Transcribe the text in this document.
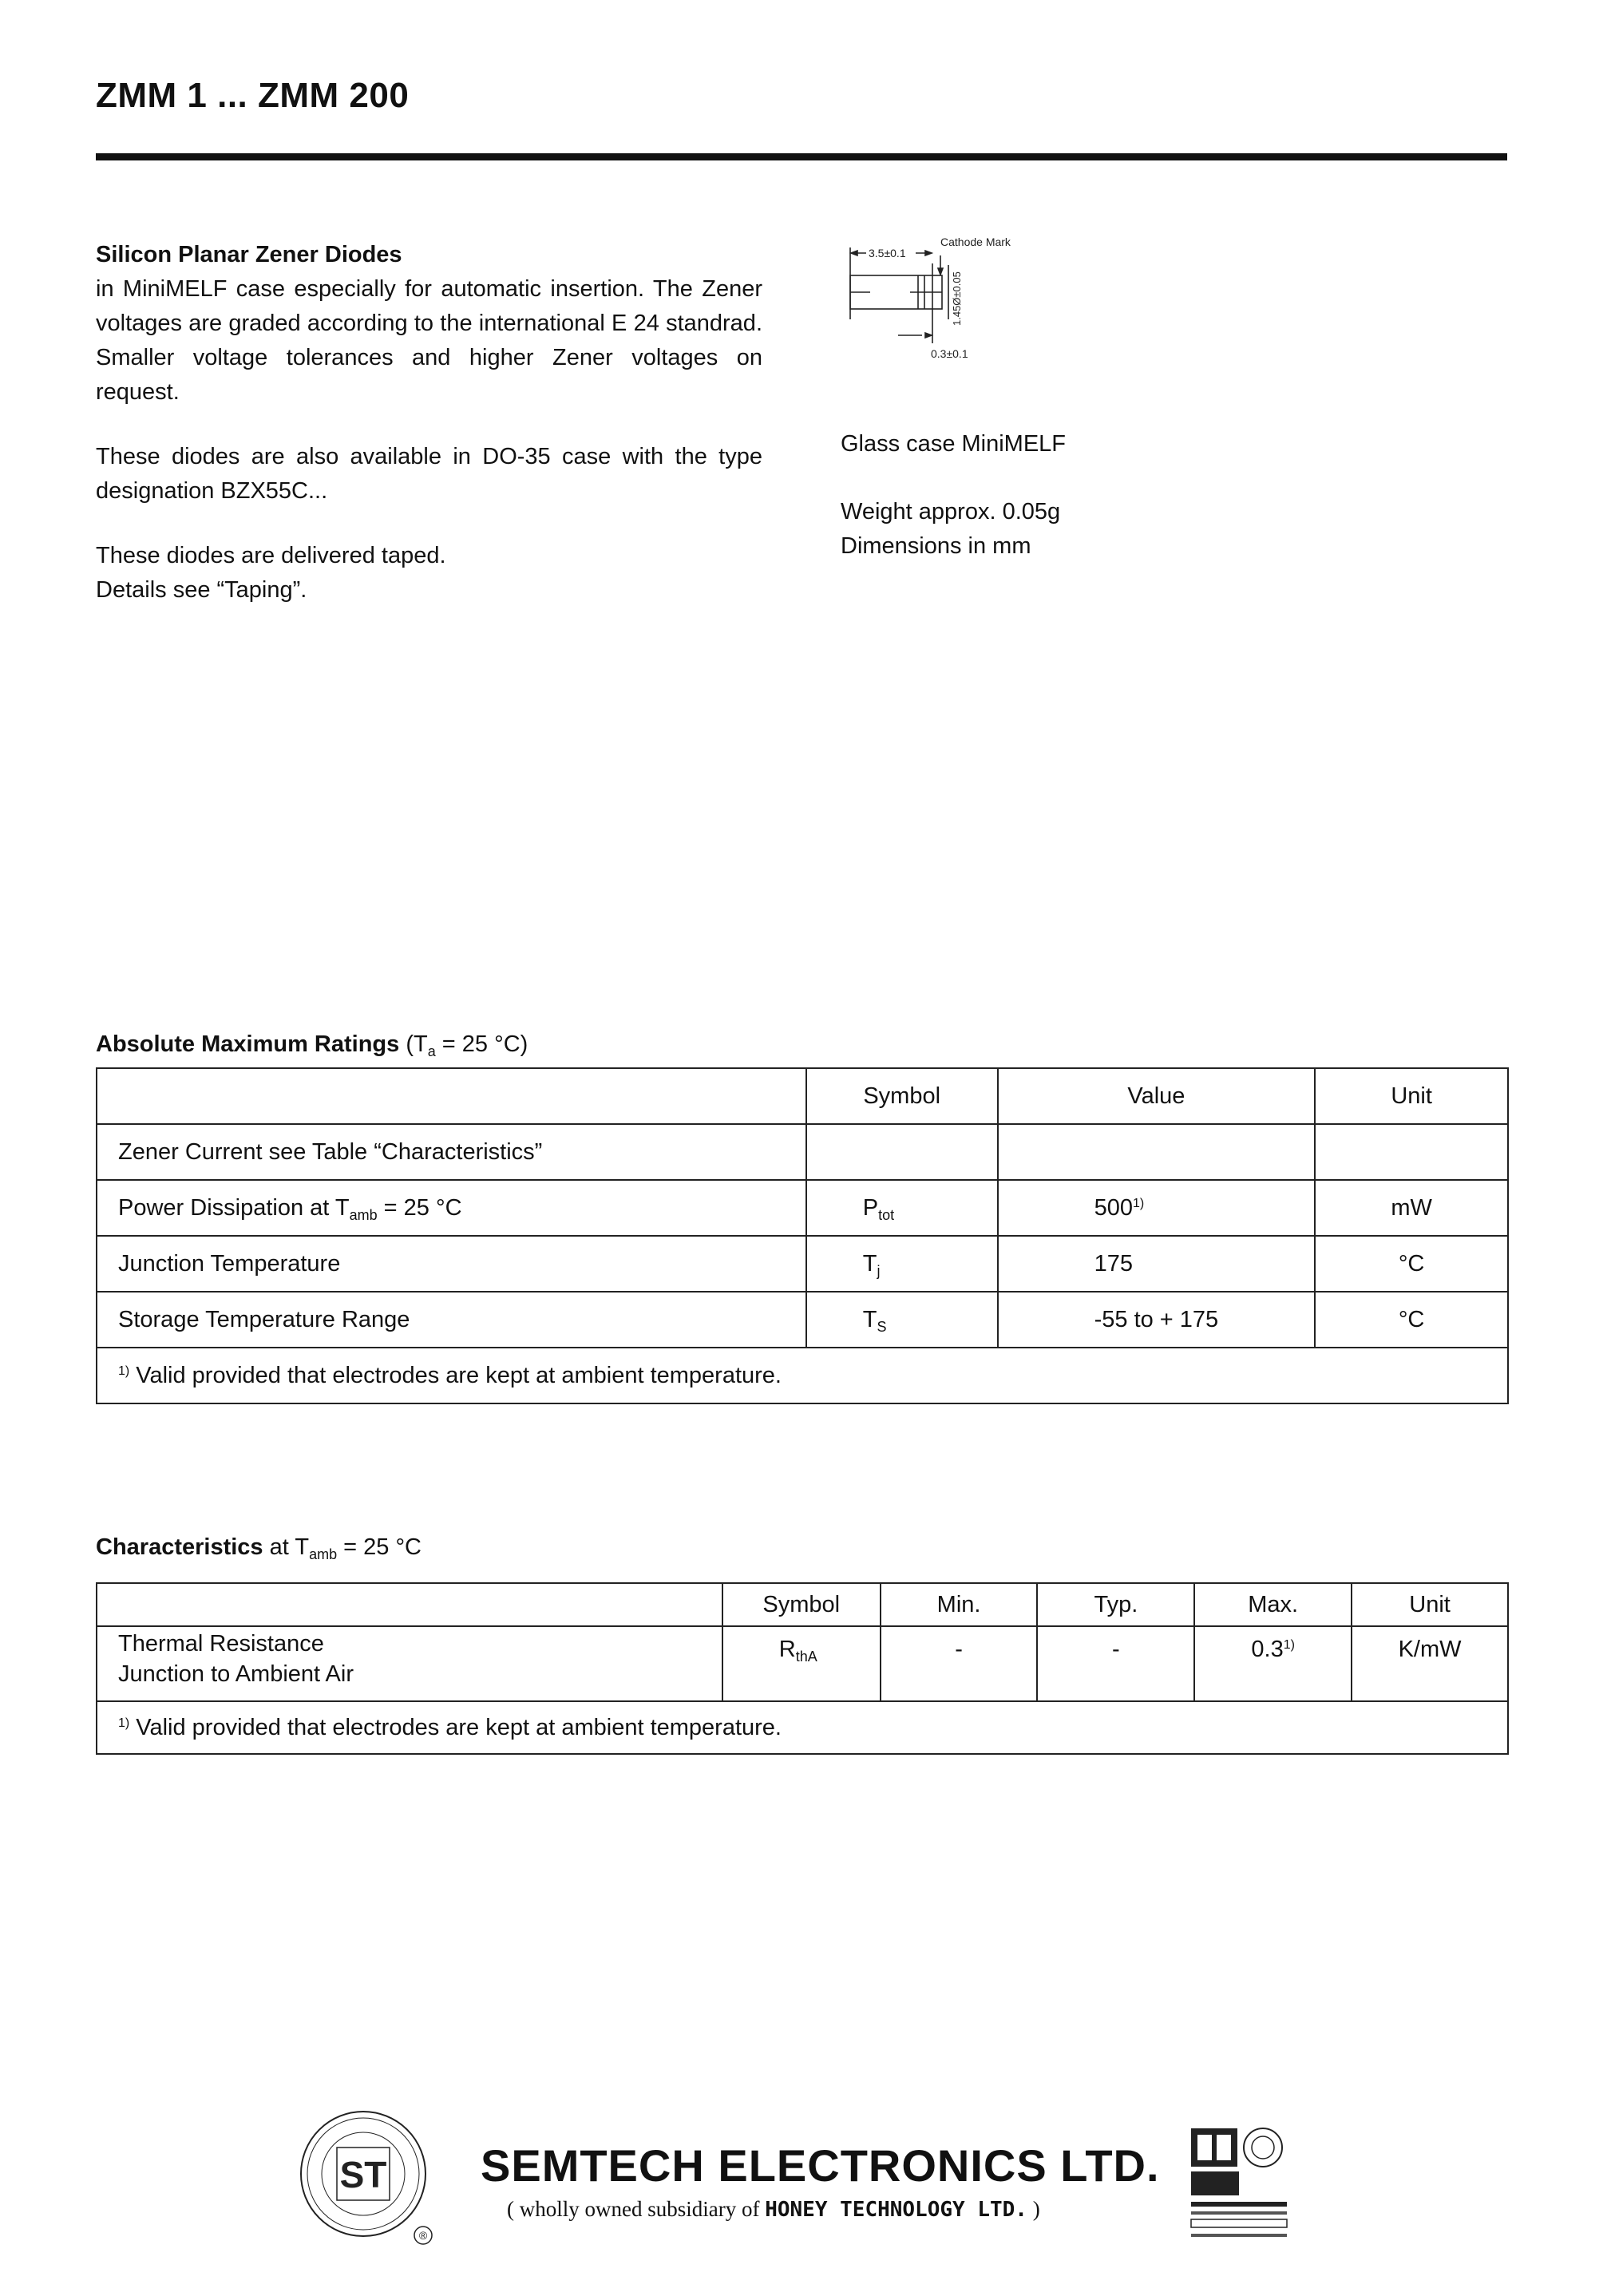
ZMM 1 ... ZMM 200

Silicon Planar Zener Diodes
in MiniMELF case especially for automatic insertion. The Zener voltages are graded according to the international E 24 standrad. Smaller voltage tolerances and higher Zener voltages on request.

These diodes are also available in DO-35 case with the type designation BZX55C...

These diodes are delivered taped.
Details see “Taping”.

3.5±0.1
Cathode Mark
1.45Ø±0.05
0.3±0.1
Glass case MiniMELF
Weight approx. 0.05g
Dimensions in mm
Absolute Maximum Ratings ($T_a = 25$ °C)
	Symbol	Value	Unit
Zener Current see Table “Characteristics”			
Power Dissipation at $T_{amb} = 25$ °C	$P_{tot}$	500$^{1)}$	mW
Junction Temperature	$T_j$	175	°C
Storage Temperature Range	$T_S$	-55 to + 175	°C
$^{1)}$ Valid provided that electrodes are kept at ambient temperature.			
Characteristics at $T_{amb} = 25$ °C
	Symbol	Min.	Typ.	Max.	Unit
Thermal Resistance
Junction to Ambient Air	$R_{thA}$	-	-	0.3$^{1)}$	K/mW
$^{1)}$ Valid provided that electrodes are kept at ambient temperature.					
ST
®
SEMTECH ELECTRONICS LTD.
( wholly owned subsidiary of HONEY TECHNOLOGY LTD. )
